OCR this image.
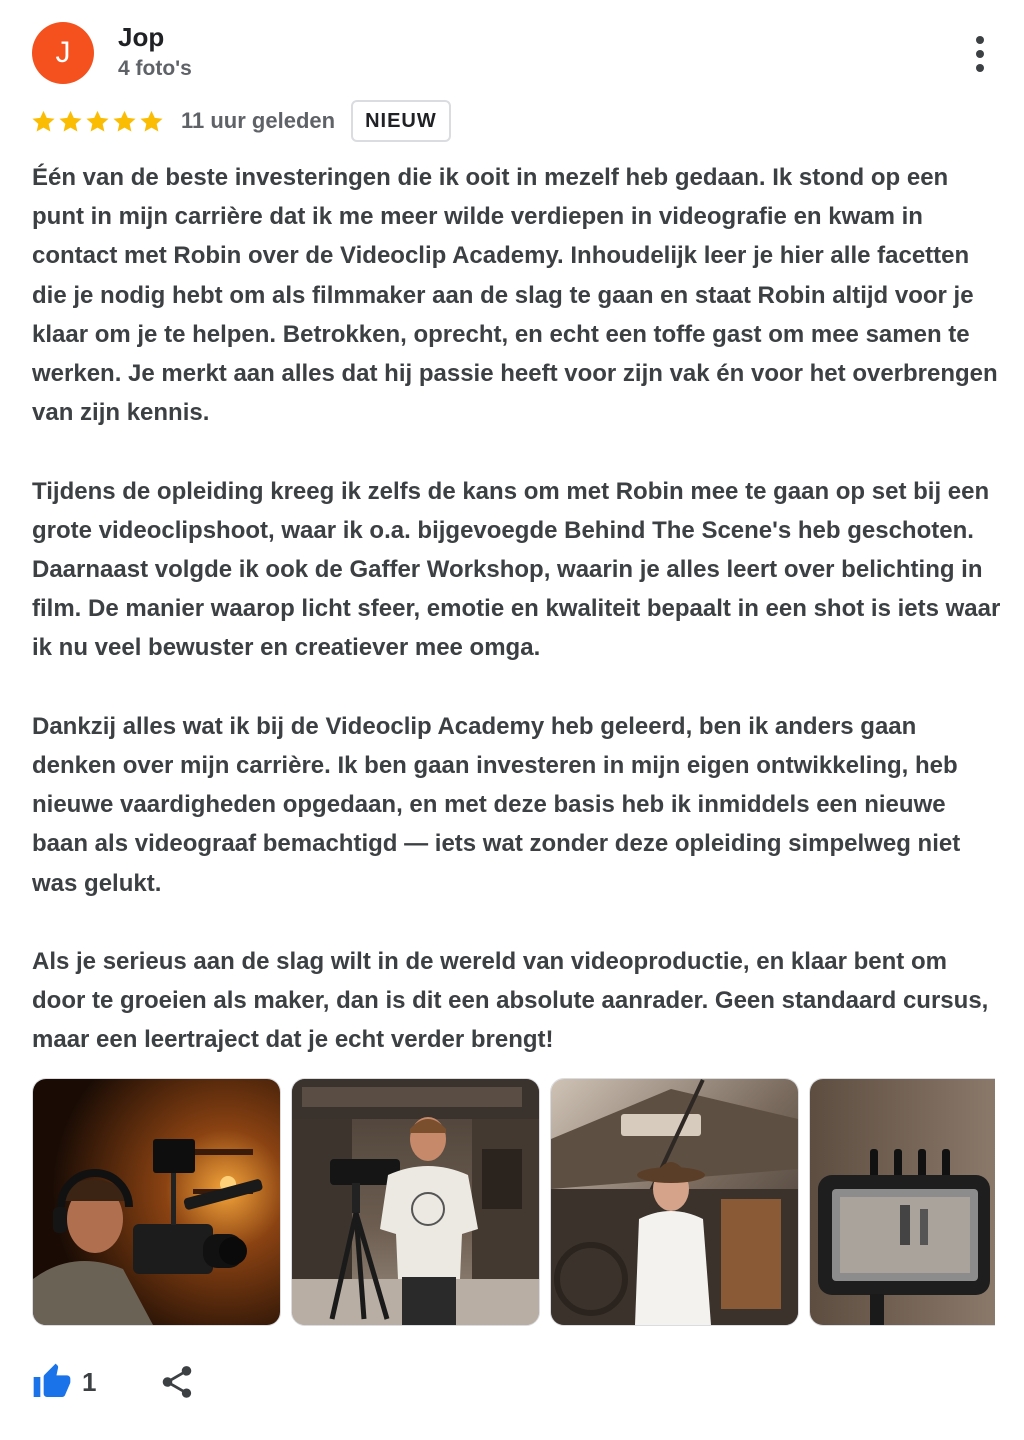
J	Jop
4 foto's
11 uur geleden	NIEUW

Één van de beste investeringen die ik ooit in mezelf heb gedaan. Ik stond op een punt in mijn carrière dat ik me meer wilde verdiepen in videografie en kwam in contact met Robin over de Videoclip Academy. Inhoudelijk leer je hier alle facetten die je nodig hebt om als filmmaker aan de slag te gaan en staat Robin altijd voor je klaar om je te helpen. Betrokken, oprecht, en echt een toffe gast om mee samen te werken. Je merkt aan alles dat hij passie heeft voor zijn vak én voor het overbrengen van zijn kennis.

Tijdens de opleiding kreeg ik zelfs de kans om met Robin mee te gaan op set bij een grote videoclipshoot, waar ik o.a. bijgevoegde Behind The Scene's heb geschoten. Daarnaast volgde ik ook de Gaffer Workshop, waarin je alles leert over belichting in film. De manier waarop licht sfeer, emotie en kwaliteit bepaalt in een shot is iets waar ik nu veel bewuster en creatiever mee omga.

Dankzij alles wat ik bij de Videoclip Academy heb geleerd, ben ik anders gaan denken over mijn carrière. Ik ben gaan investeren in mijn eigen ontwikkeling, heb nieuwe vaardigheden opgedaan, en met deze basis heb ik inmiddels een nieuwe baan als videograaf bemachtigd — iets wat zonder deze opleiding simpelweg niet was gelukt.

Als je serieus aan de slag wilt in de wereld van videoproductie, en klaar bent om door te groeien als maker, dan is dit een absolute aanrader. Geen standaard cursus, maar een leertraject dat je echt verder brengt!

1
